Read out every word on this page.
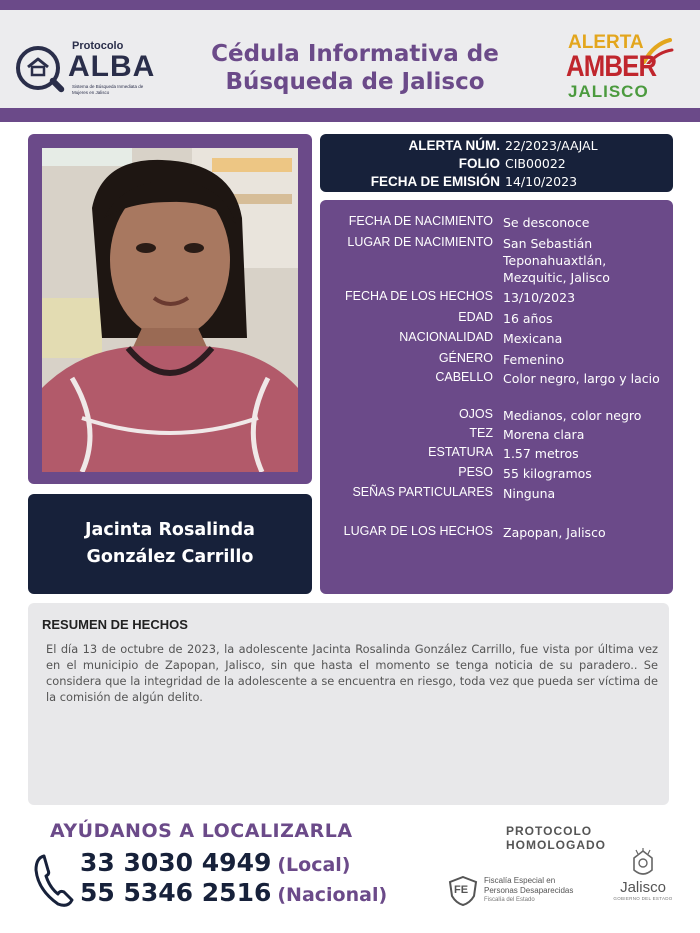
Protocolo
ALBA
Sistema de Búsqueda Inmediata de Mujeres en Jalisco
Cédula Informativa de
Búsqueda de Jalisco
ALERTA
AMBER
JALISCO
Jacinta Rosalinda
González Carrillo
ALERTA NÚM. 22/2023/AAJAL
FOLIO CIB00022
FECHA DE EMISIÓN 14/10/2023
FECHA DE NACIMIENTO Se desconoce
LUGAR DE NACIMIENTO San Sebastián Teponahuaxtlán, Mezquitic, Jalisco
FECHA DE LOS HECHOS 13/10/2023
EDAD 16 años
NACIONALIDAD Mexicana
GÉNERO Femenino
CABELLO Color negro, largo y lacio
OJOS Medianos, color negro
TEZ Morena clara
ESTATURA 1.57 metros
PESO 55 kilogramos
SEÑAS PARTICULARES Ninguna
LUGAR DE LOS HECHOS Zapopan, Jalisco
RESUMEN DE HECHOS
El día 13 de octubre de 2023, la adolescente Jacinta Rosalinda González Carrillo, fue vista por última vez en el municipio de Zapopan, Jalisco, sin que hasta el momento se tenga noticia de su paradero.. Se considera que la integridad de la adolescente a se encuentra en riesgo, toda vez que pueda ser víctima de la comisión de algún delito.
AYÚDANOS A LOCALIZARLA
33 3030 4949 (Local)
55 5346 2516 (Nacional)
PROTOCOLO
HOMOLOGADO
FE
Fiscalía Especial en
Personas Desaparecidas
Fiscalía del Estado
Jalisco
GOBIERNO DEL ESTADO
